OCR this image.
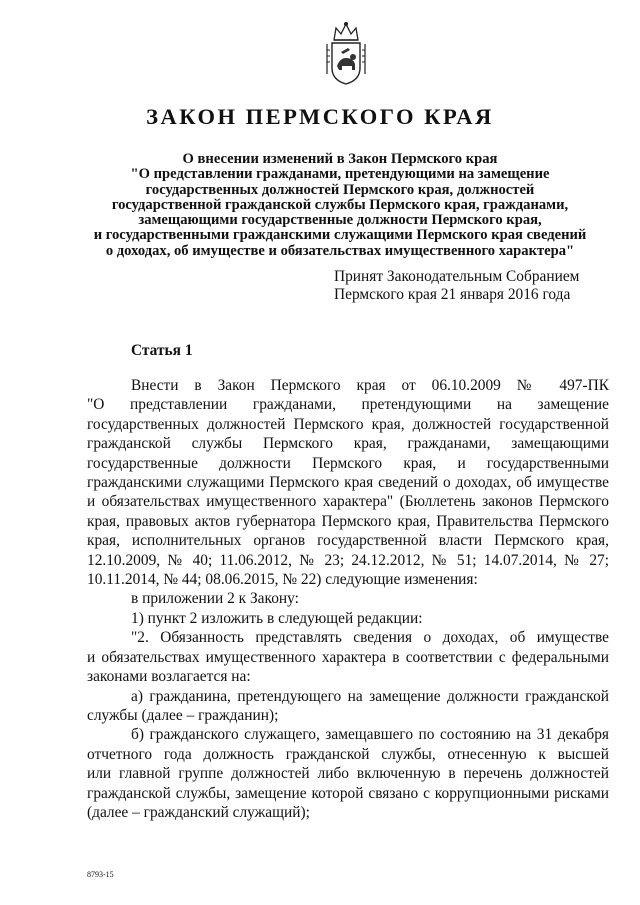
ЗАКОН ПЕРМСКОГО КРАЯ
О внесении изменений в Закон Пермского края
"О представлении гражданами, претендующими на замещение
государственных должностей Пермского края, должностей
государственной гражданской службы Пермского края, гражданами,
замещающими государственные должности Пермского края,
и государственными гражданскими служащими Пермского края сведений
о доходах, об имуществе и обязательствах имущественного характера"
Принят Законодательным Собранием
Пермского края 21 января 2016 года
Статья 1

Внести в Закон Пермского края от 06.10.2009 № 497-ПК

"О представлении гражданами, претендующими на замещение

государственных должностей Пермского края, должностей государственной

гражданской службы Пермского края, гражданами, замещающими

государственные должности Пермского края, и государственными

гражданскими служащими Пермского края сведений о доходах, об имуществе

и обязательствах имущественного характера" (Бюллетень законов Пермского

края, правовых актов губернатора Пермского края, Правительства Пермского

края, исполнительных органов государственной власти Пермского края,

12.10.2009, № 40; 11.06.2012, № 23; 24.12.2012, № 51; 14.07.2014, № 27;

10.11.2014, № 44; 08.06.2015, № 22) следующие изменения:

в приложении 2 к Закону:

1) пункт 2 изложить в следующей редакции:

"2. Обязанность представлять сведения о доходах, об имуществе

и обязательствах имущественного характера в соответствии с федеральными

законами возлагается на:

а) гражданина, претендующего на замещение должности гражданской

службы (далее – гражданин);

б) гражданского служащего, замещавшего по состоянию на 31 декабря

отчетного года должность гражданской службы, отнесенную к высшей

или главной группе должностей либо включенную в перечень должностей

гражданской службы, замещение которой связано с коррупционными рисками

(далее – гражданский служащий);

8793-15
